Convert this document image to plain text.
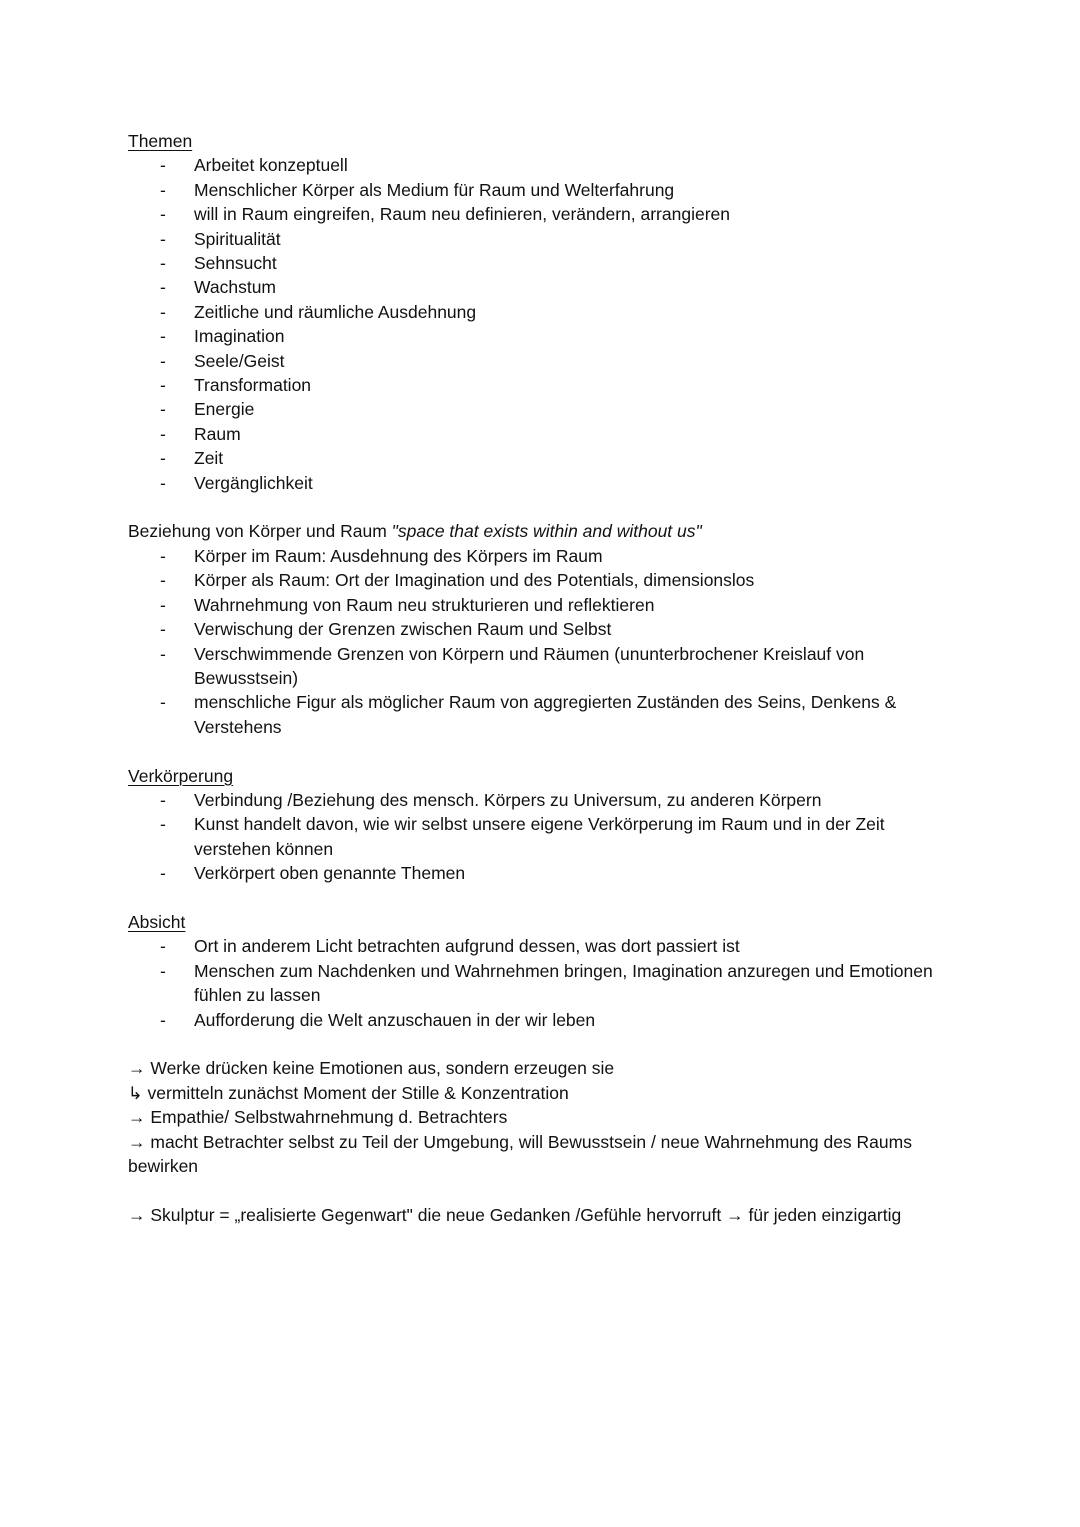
Themen

- Arbeitet konzeptuell
- Menschlicher Körper als Medium für Raum und Welterfahrung
- will in Raum eingreifen, Raum neu definieren, verändern, arrangieren
- Spiritualität
- Sehnsucht
- Wachstum
- Zeitliche und räumliche Ausdehnung
- Imagination
- Seele/Geist
- Transformation
- Energie
- Raum
- Zeit
- Vergänglichkeit

Beziehung von Körper und Raum "space that exists within and without us"

- Körper im Raum: Ausdehnung des Körpers im Raum
- Körper als Raum: Ort der Imagination und des Potentials, dimensionslos
- Wahrnehmung von Raum neu strukturieren und reflektieren
- Verwischung der Grenzen zwischen Raum und Selbst
- Verschwimmende Grenzen von Körpern und Räumen (ununterbrochener Kreislauf von Bewusstsein)
- menschliche Figur als möglicher Raum von aggregierten Zuständen des Seins, Denkens & Verstehens

Verkörperung

- Verbindung /Beziehung des mensch. Körpers zu Universum, zu anderen Körpern
- Kunst handelt davon, wie wir selbst unsere eigene Verkörperung im Raum und in der Zeit verstehen können
- Verkörpert oben genannte Themen

Absicht

- Ort in anderem Licht betrachten aufgrund dessen, was dort passiert ist
- Menschen zum Nachdenken und Wahrnehmen bringen, Imagination anzuregen und Emotionen fühlen zu lassen
- Aufforderung die Welt anzuschauen in der wir leben

→ Werke drücken keine Emotionen aus, sondern erzeugen sie

↳ vermitteln zunächst Moment der Stille & Konzentration

→ Empathie/ Selbstwahrnehmung d. Betrachters

→ macht Betrachter selbst zu Teil der Umgebung, will Bewusstsein / neue Wahrnehmung des Raums bewirken

→ Skulptur = „realisierte Gegenwart" die neue Gedanken /Gefühle hervorruft → für jeden einzigartig
